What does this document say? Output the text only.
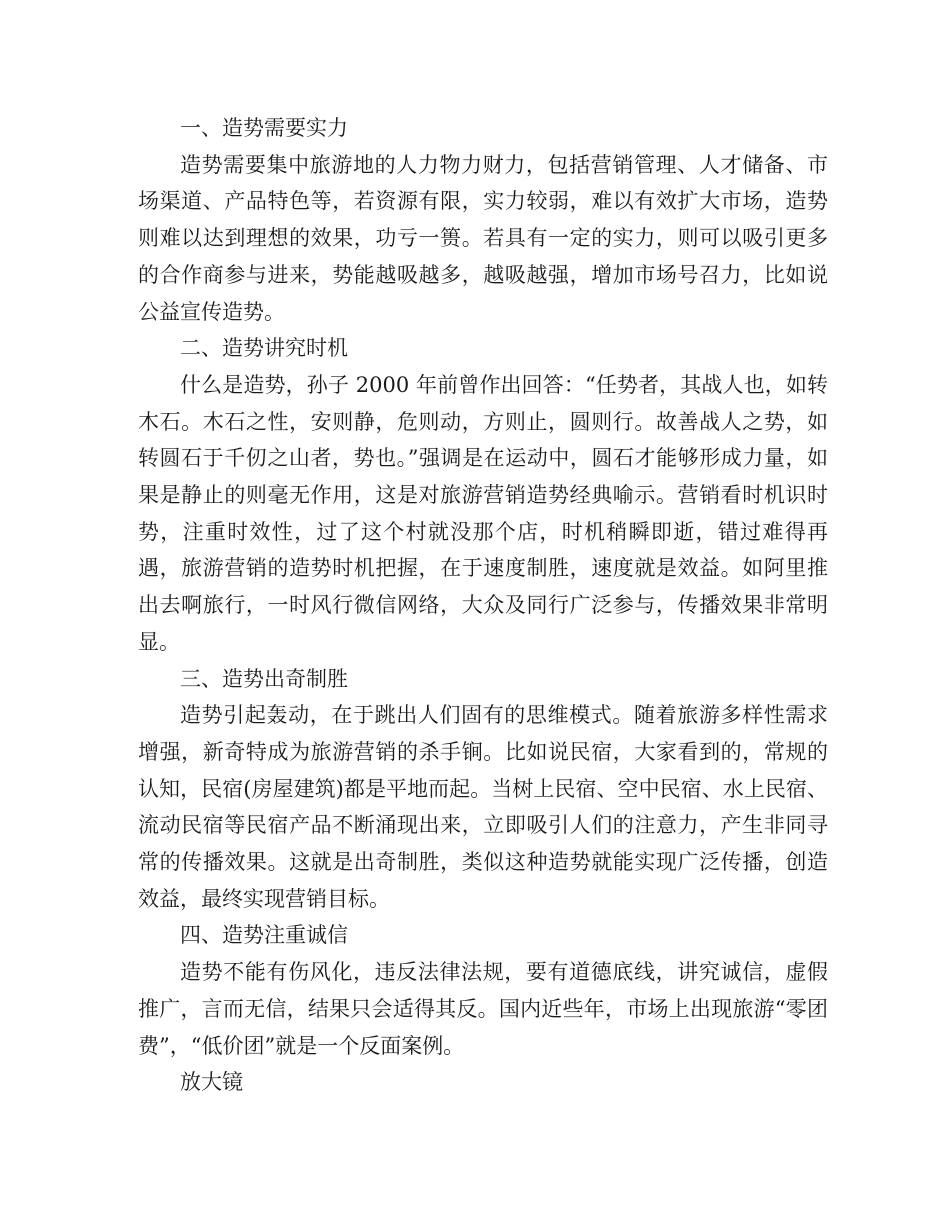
一、造势需要实力

造势需要集中旅游地的人力物力财力，包括营销管理、人才储备、市场渠道、产品特色等，若资源有限，实力较弱，难以有效扩大市场，造势则难以达到理想的效果，功亏一篑。若具有一定的实力，则可以吸引更多的合作商参与进来，势能越吸越多，越吸越强，增加市场号召力，比如说公益宣传造势。

二、造势讲究时机

什么是造势，孙子 2000 年前曾作出回答：“任势者，其战人也，如转木石。木石之性，安则静，危则动，方则止，圆则行。故善战人之势，如转圆石于千仞之山者，势也。”强调是在运动中，圆石才能够形成力量，如果是静止的则毫无作用，这是对旅游营销造势经典喻示。营销看时机识时势，注重时效性，过了这个村就没那个店，时机稍瞬即逝，错过难得再遇，旅游营销的造势时机把握，在于速度制胜，速度就是效益。如阿里推出去啊旅行，一时风行微信网络，大众及同行广泛参与，传播效果非常明显。

三、造势出奇制胜

造势引起轰动，在于跳出人们固有的思维模式。随着旅游多样性需求增强，新奇特成为旅游营销的杀手锏。比如说民宿，大家看到的，常规的认知，民宿(房屋建筑)都是平地而起。当树上民宿、空中民宿、水上民宿、流动民宿等民宿产品不断涌现出来，立即吸引人们的注意力，产生非同寻常的传播效果。这就是出奇制胜，类似这种造势就能实现广泛传播，创造效益，最终实现营销目标。

四、造势注重诚信

造势不能有伤风化，违反法律法规，要有道德底线，讲究诚信，虚假推广，言而无信，结果只会适得其反。国内近些年，市场上出现旅游“零团费”，“低价团”就是一个反面案例。

放大镜
